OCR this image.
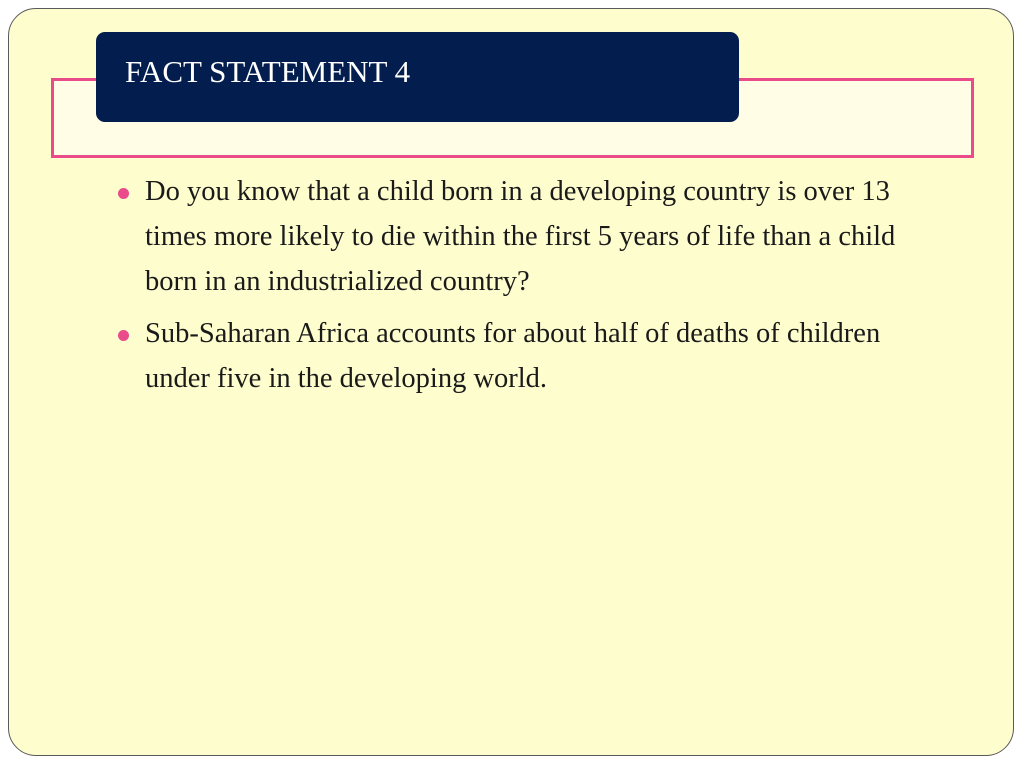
FACT STATEMENT 4
Do you know that a child born in a developing country is over 13 times more likely to die within the first 5 years of life than a child born in an industrialized country?
Sub-Saharan Africa accounts for about half of deaths of children under five in the developing world.
